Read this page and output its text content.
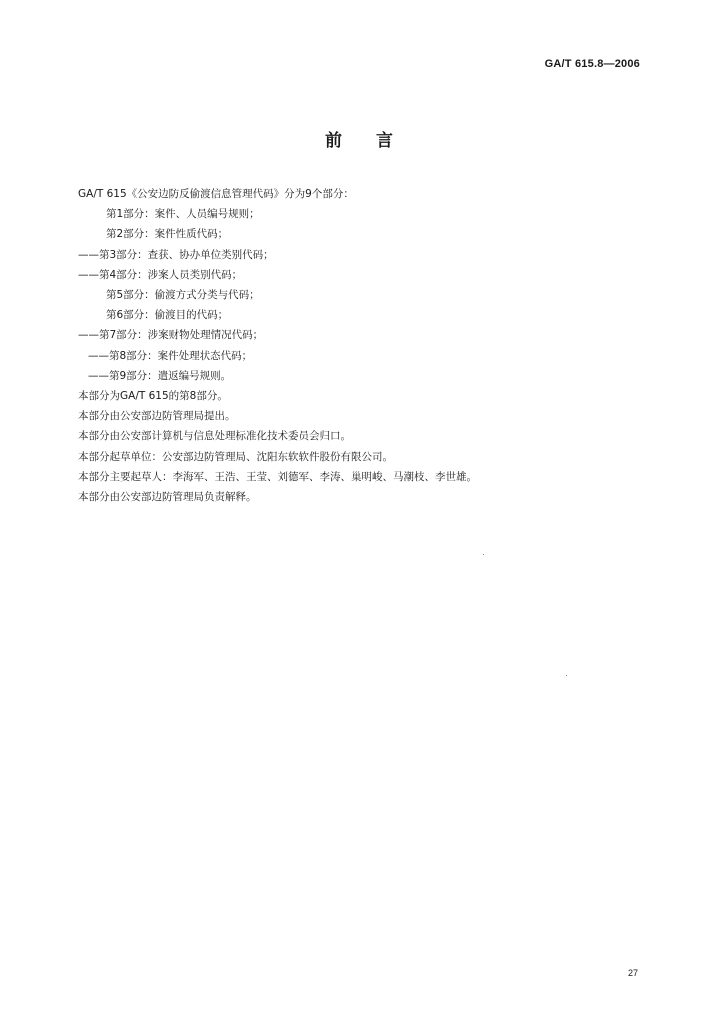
GA/T 615.8—2006
前言

GA/T 615《公安边防反偷渡信息管理代码》分为9个部分：

第1部分：案件、人员编号规则；

第2部分：案件性质代码；

——第3部分：查获、协办单位类别代码；

——第4部分：涉案人员类别代码；

第5部分：偷渡方式分类与代码；

第6部分：偷渡目的代码；

——第7部分：涉案财物处理情况代码；

——第8部分：案件处理状态代码；

——第9部分：遣返编号规则。

本部分为GA/T 615的第8部分。

本部分由公安部边防管理局提出。

本部分由公安部计算机与信息处理标准化技术委员会归口。

本部分起草单位：公安部边防管理局、沈阳东软软件股份有限公司。

本部分主要起草人：李海军、王浩、王莹、刘德军、李涛、巢明峻、马潮枝、李世雄。

本部分由公安部边防管理局负责解释。

27
